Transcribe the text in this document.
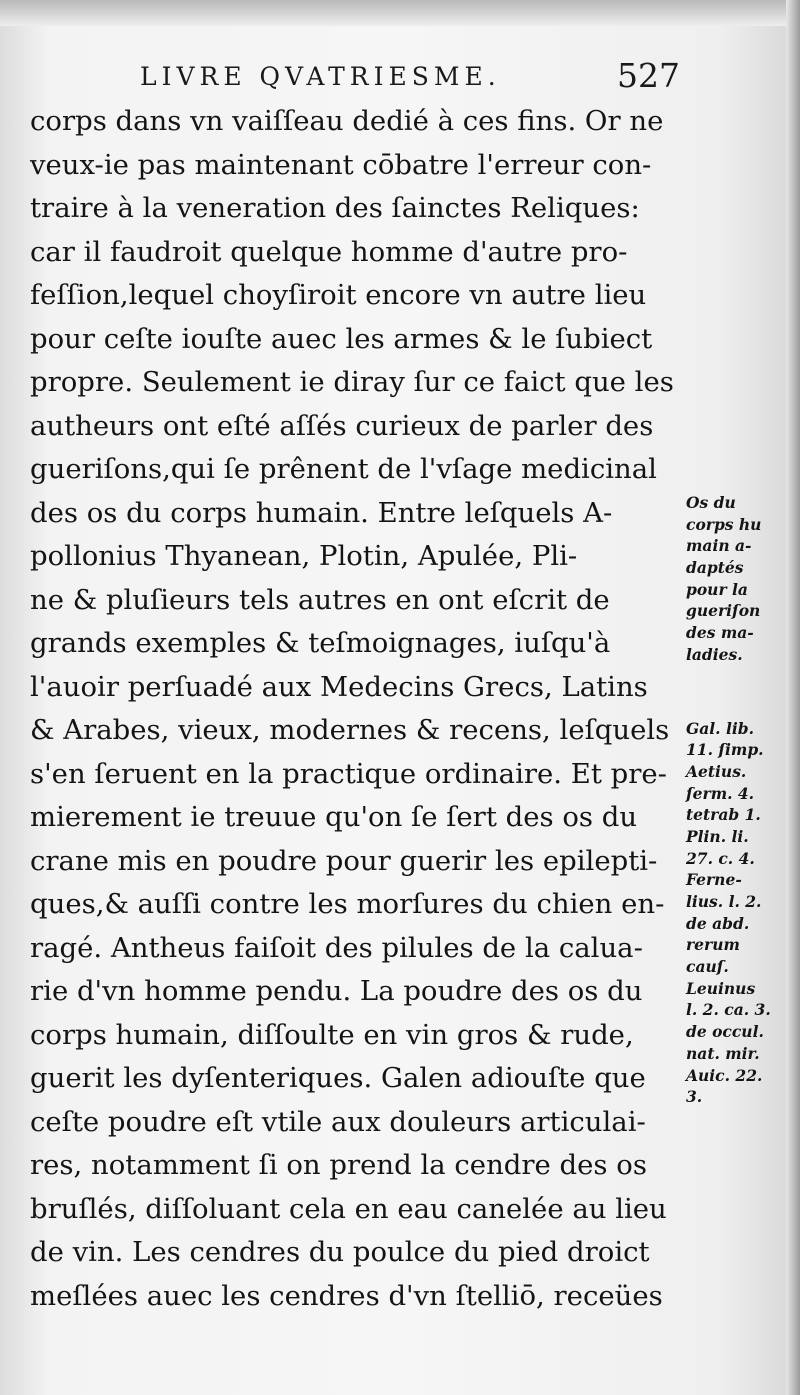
LIVRE QVATRIESME.	527
corps dans vn vaiſſeau dedié à ces fins. Or ne
veux-ie pas maintenant cōbatre l'erreur con-
traire à la veneration des ſainctes Reliques:
car il faudroit quelque homme d'autre pro-
feſſion,lequel choyſiroit encore vn autre lieu
pour ceſte iouſte auec les armes & le ſubiect
propre. Seulement ie diray ſur ce faict que les
autheurs ont eſté aſſés curieux de parler des
gueriſons,qui ſe prênent de l'vſage medicinal
des os du corps humain. Entre leſquels A-
pollonius Thyanean, Plotin, Apulée, Pli-
ne & pluſieurs tels autres en ont eſcrit de
grands exemples & teſmoignages, iuſqu'à
l'auoir perſuadé aux Medecins Grecs, Latins
& Arabes, vieux, modernes & recens, leſquels
s'en ſeruent en la practique ordinaire. Et pre-
mierement ie treuue qu'on ſe ſert des os du
crane mis en poudre pour guerir les epilepti-
ques,& auſſi contre les morſures du chien en-
ragé. Antheus faiſoit des pilules de la calua-
rie d'vn homme pendu. La poudre des os du
corps humain, diſſoulte en vin gros & rude,
guerit les dyſenteriques. Galen adiouſte que
ceſte poudre eſt vtile aux douleurs articulai-
res, notamment ſi on prend la cendre des os
bruſlés, diſſoluant cela en eau canelée au lieu
de vin. Les cendres du poulce du pied droict
meſlées auec les cendres d'vn ſtelliō, receües
Os du
corps hu
main a-
daptés
pour la
gueriſon
des ma-
ladies.
Gal. lib.
11. ſimp.
Aetius.
ſerm. 4.
tetrab 1.
Plin. li.
27. c. 4.
Ferne-
lius. l. 2.
de abd.
rerum
cauſ.
Leuinus
l. 2. ca. 3.
de occul.
nat. mir.
Auic. 22.
3.
